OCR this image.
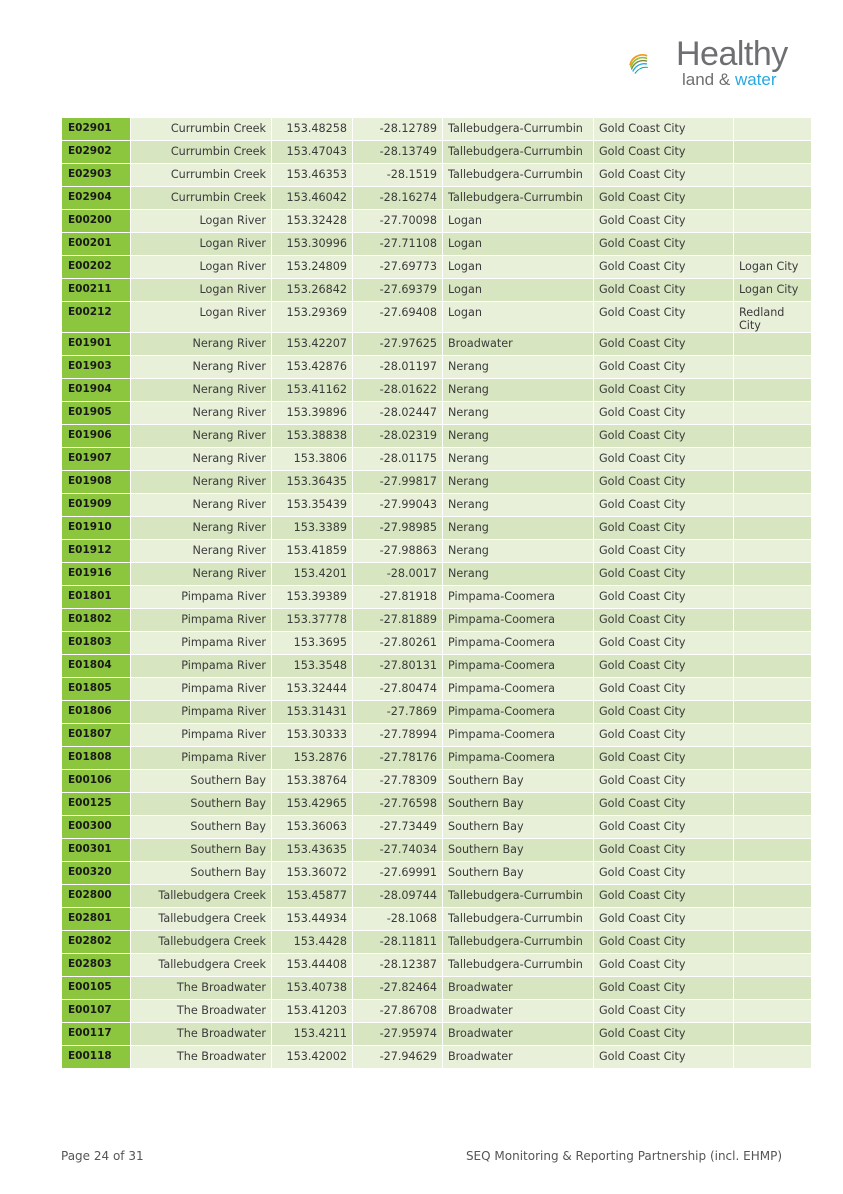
Healthy
land & water
E02901	Currumbin Creek	153.48258	-28.12789	Tallebudgera-Currumbin	Gold Coast City	
E02902	Currumbin Creek	153.47043	-28.13749	Tallebudgera-Currumbin	Gold Coast City	
E02903	Currumbin Creek	153.46353	-28.1519	Tallebudgera-Currumbin	Gold Coast City	
E02904	Currumbin Creek	153.46042	-28.16274	Tallebudgera-Currumbin	Gold Coast City	
E00200	Logan River	153.32428	-27.70098	Logan	Gold Coast City	
E00201	Logan River	153.30996	-27.71108	Logan	Gold Coast City	
E00202	Logan River	153.24809	-27.69773	Logan	Gold Coast City	Logan City
E00211	Logan River	153.26842	-27.69379	Logan	Gold Coast City	Logan City
E00212	Logan River	153.29369	-27.69408	Logan	Gold Coast City	Redland City
E01901	Nerang River	153.42207	-27.97625	Broadwater	Gold Coast City	
E01903	Nerang River	153.42876	-28.01197	Nerang	Gold Coast City	
E01904	Nerang River	153.41162	-28.01622	Nerang	Gold Coast City	
E01905	Nerang River	153.39896	-28.02447	Nerang	Gold Coast City	
E01906	Nerang River	153.38838	-28.02319	Nerang	Gold Coast City	
E01907	Nerang River	153.3806	-28.01175	Nerang	Gold Coast City	
E01908	Nerang River	153.36435	-27.99817	Nerang	Gold Coast City	
E01909	Nerang River	153.35439	-27.99043	Nerang	Gold Coast City	
E01910	Nerang River	153.3389	-27.98985	Nerang	Gold Coast City	
E01912	Nerang River	153.41859	-27.98863	Nerang	Gold Coast City	
E01916	Nerang River	153.4201	-28.0017	Nerang	Gold Coast City	
E01801	Pimpama River	153.39389	-27.81918	Pimpama-Coomera	Gold Coast City	
E01802	Pimpama River	153.37778	-27.81889	Pimpama-Coomera	Gold Coast City	
E01803	Pimpama River	153.3695	-27.80261	Pimpama-Coomera	Gold Coast City	
E01804	Pimpama River	153.3548	-27.80131	Pimpama-Coomera	Gold Coast City	
E01805	Pimpama River	153.32444	-27.80474	Pimpama-Coomera	Gold Coast City	
E01806	Pimpama River	153.31431	-27.7869	Pimpama-Coomera	Gold Coast City	
E01807	Pimpama River	153.30333	-27.78994	Pimpama-Coomera	Gold Coast City	
E01808	Pimpama River	153.2876	-27.78176	Pimpama-Coomera	Gold Coast City	
E00106	Southern Bay	153.38764	-27.78309	Southern Bay	Gold Coast City	
E00125	Southern Bay	153.42965	-27.76598	Southern Bay	Gold Coast City	
E00300	Southern Bay	153.36063	-27.73449	Southern Bay	Gold Coast City	
E00301	Southern Bay	153.43635	-27.74034	Southern Bay	Gold Coast City	
E00320	Southern Bay	153.36072	-27.69991	Southern Bay	Gold Coast City	
E02800	Tallebudgera Creek	153.45877	-28.09744	Tallebudgera-Currumbin	Gold Coast City	
E02801	Tallebudgera Creek	153.44934	-28.1068	Tallebudgera-Currumbin	Gold Coast City	
E02802	Tallebudgera Creek	153.4428	-28.11811	Tallebudgera-Currumbin	Gold Coast City	
E02803	Tallebudgera Creek	153.44408	-28.12387	Tallebudgera-Currumbin	Gold Coast City	
E00105	The Broadwater	153.40738	-27.82464	Broadwater	Gold Coast City	
E00107	The Broadwater	153.41203	-27.86708	Broadwater	Gold Coast City	
E00117	The Broadwater	153.4211	-27.95974	Broadwater	Gold Coast City	
E00118	The Broadwater	153.42002	-27.94629	Broadwater	Gold Coast City	
Page 24 of 31	SEQ Monitoring & Reporting Partnership (incl. EHMP)
